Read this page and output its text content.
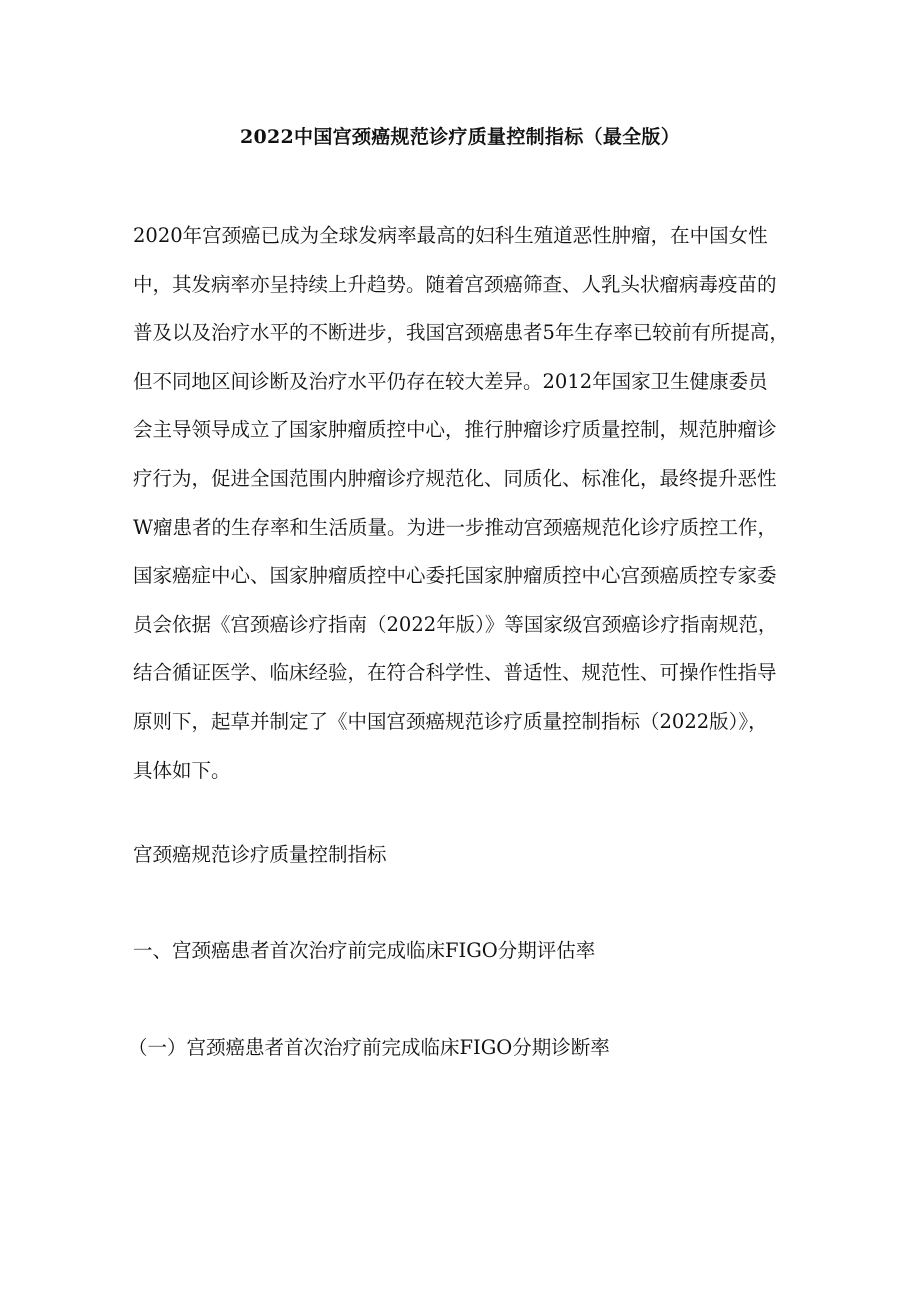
2022中国宫颈癌规范诊疗质量控制指标（最全版）
2020年宫颈癌已成为全球发病率最高的妇科生殖道恶性肿瘤，在中国女性
中，其发病率亦呈持续上升趋势。随着宫颈癌筛查、人乳头状瘤病毒疫苗的
普及以及治疗水平的不断进步，我国宫颈癌患者5年生存率已较前有所提高，
但不同地区间诊断及治疗水平仍存在较大差异。2012年国家卫生健康委员
会主导领导成立了国家肿瘤质控中心，推行肿瘤诊疗质量控制，规范肿瘤诊
疗行为，促进全国范围内肿瘤诊疗规范化、同质化、标准化，最终提升恶性
W瘤患者的生存率和生活质量。为进一步推动宫颈癌规范化诊疗质控工作，
国家癌症中心、国家肿瘤质控中心委托国家肿瘤质控中心宫颈癌质控专家委
员会依据《宫颈癌诊疗指南（2022年版）》等国家级宫颈癌诊疗指南规范，
结合循证医学、临床经验，在符合科学性、普适性、规范性、可操作性指导
原则下，起草并制定了《中国宫颈癌规范诊疗质量控制指标（2022版）》，
具体如下。
宫颈癌规范诊疗质量控制指标
一、宫颈癌患者首次治疗前完成临床FIGO分期评估率
（一）宫颈癌患者首次治疗前完成临床FIGO分期诊断率
